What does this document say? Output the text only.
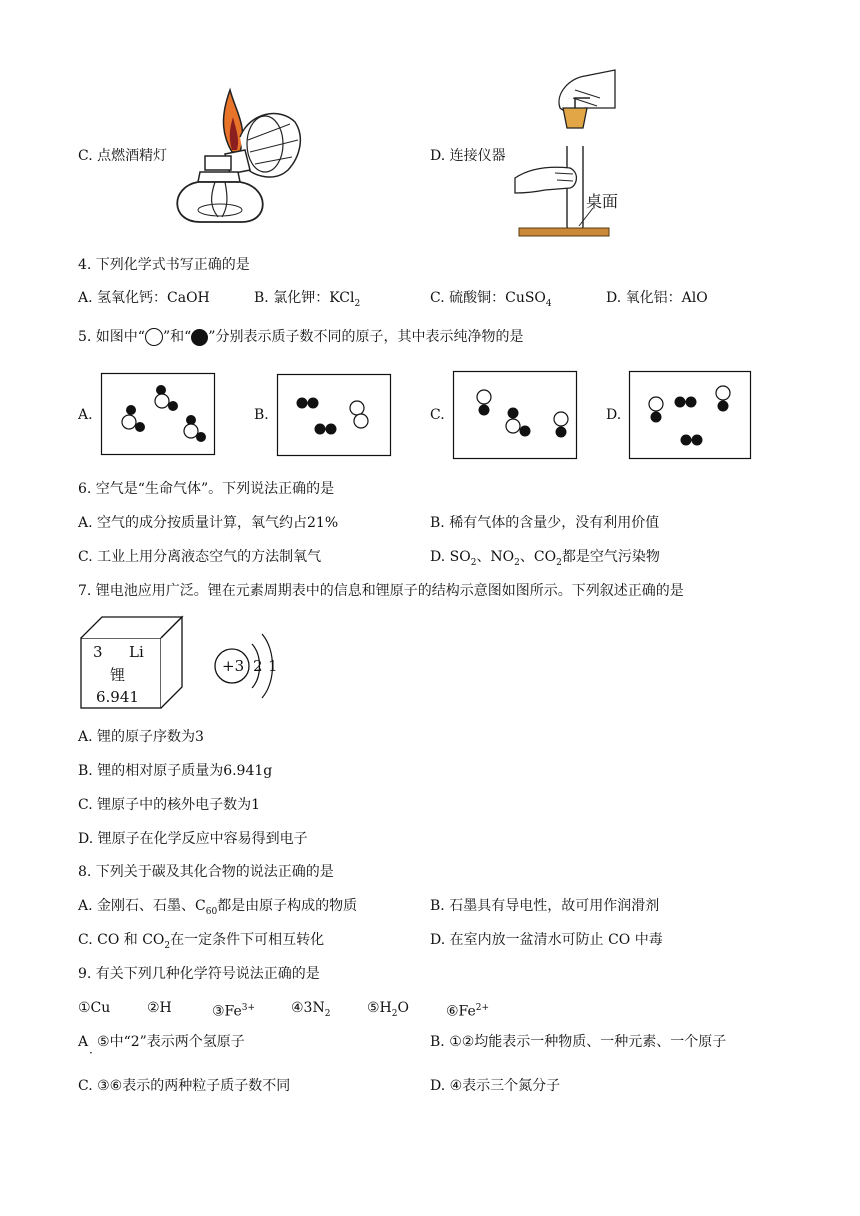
C. 点燃酒精灯	D. 连接仪器
桌面
4. 下列化学式书写正确的是
A. 氢氧化钙：CaOH	B. 氯化钾：KCl$_2$	C. 硫酸铜：CuSO$_4$	D. 氧化铝：AlO
5. 如图中“ ”和“ ”分别表示质子数不同的原子，其中表示纯净物的是
A.	B.	C.	D.
6. 空气是“生命气体”。下列说法正确的是
A. 空气的成分按质量计算，氧气约占21%	B. 稀有气体的含量少，没有利用价值
C. 工业上用分离液态空气的方法制氧气	D. $SO_2$、$NO_2$、$CO_2$都是空气污染物
7. 锂电池应用广泛。锂在元素周期表中的信息和锂原子的结构示意图如图所示。下列叙述正确的是
3 Li
锂
6.941
+3 2 1
A. 锂的原子序数为3
B. 锂的相对原子质量为6.941g
C. 锂原子中的核外电子数为1
D. 锂原子在化学反应中容易得到电子
8. 下列关于碳及其化合物的说法正确的是
A. 金刚石、石墨、$C_{60}$都是由原子构成的物质	B. 石墨具有导电性，故可用作润滑剂
C. CO 和 $CO_2$在一定条件下可相互转化	D. 在室内放一盆清水可防止 CO 中毒
9. 有关下列几种化学符号说法正确的是
①Cu	②H	$③Fe^{3+}$	$④3N_2$	$⑤H_2O$	$⑥Fe^{2+}$
A ⑤中“2”表示两个氢原子
·
B. ①②均能表示一种物质、一种元素、一个原子
C. ③⑥表示的两种粒子质子数不同	D. ④表示三个氮分子
